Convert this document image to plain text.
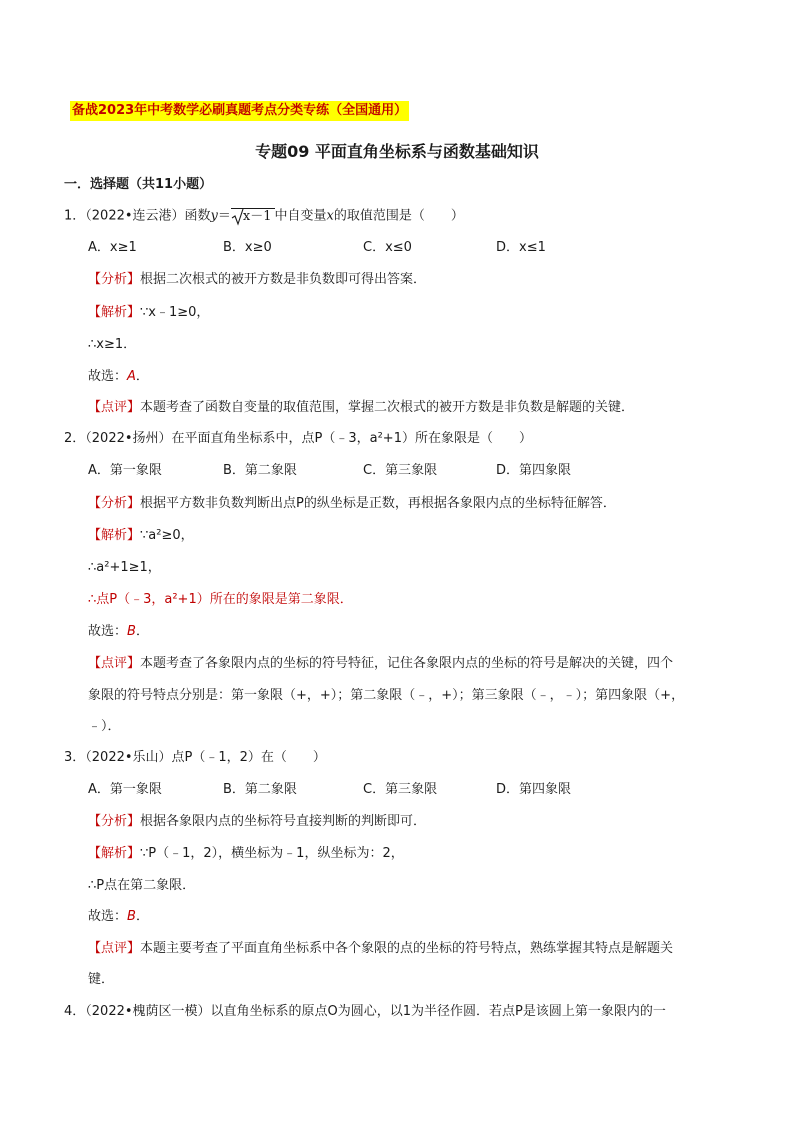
备战2023年中考数学必刷真题考点分类专练（全国通用）
专题09 平面直角坐标系与函数基础知识
一．选择题（共11小题）
1．（2022•连云港）函数y＝ x－1 中自变量x的取值范围是（　　）
A．x≥1	B．x≥0	C．x≤0	D．x≤1
【分析】根据二次根式的被开方数是非负数即可得出答案．
【解析】∵x﹣1≥0，
∴x≥1．
故选：A．
【点评】本题考查了函数自变量的取值范围，掌握二次根式的被开方数是非负数是解题的关键．
2．（2022•扬州）在平面直角坐标系中，点P（﹣3，a²+1）所在象限是（　　）
A．第一象限	B．第二象限	C．第三象限	D．第四象限
【分析】根据平方数非负数判断出点P的纵坐标是正数，再根据各象限内点的坐标特征解答．
【解析】∵a²≥0，
∴a²+1≥1，
∴点P（﹣3，a²+1）所在的象限是第二象限．
故选：B．
【点评】本题考查了各象限内点的坐标的符号特征，记住各象限内点的坐标的符号是解决的关键，四个
象限的符号特点分别是：第一象限（+，+）；第二象限（﹣，+）；第三象限（﹣，﹣）；第四象限（+，
﹣）．
3．（2022•乐山）点P（﹣1，2）在（　　）
A．第一象限	B．第二象限	C．第三象限	D．第四象限
【分析】根据各象限内点的坐标符号直接判断的判断即可．
【解析】∵P（﹣1，2），横坐标为﹣1，纵坐标为：2，
∴P点在第二象限．
故选：B．
【点评】本题主要考查了平面直角坐标系中各个象限的点的坐标的符号特点，熟练掌握其特点是解题关
键．
4．（2022•槐荫区一模）以直角坐标系的原点O为圆心，以1为半径作圆．若点P是该圆上第一象限内的一
